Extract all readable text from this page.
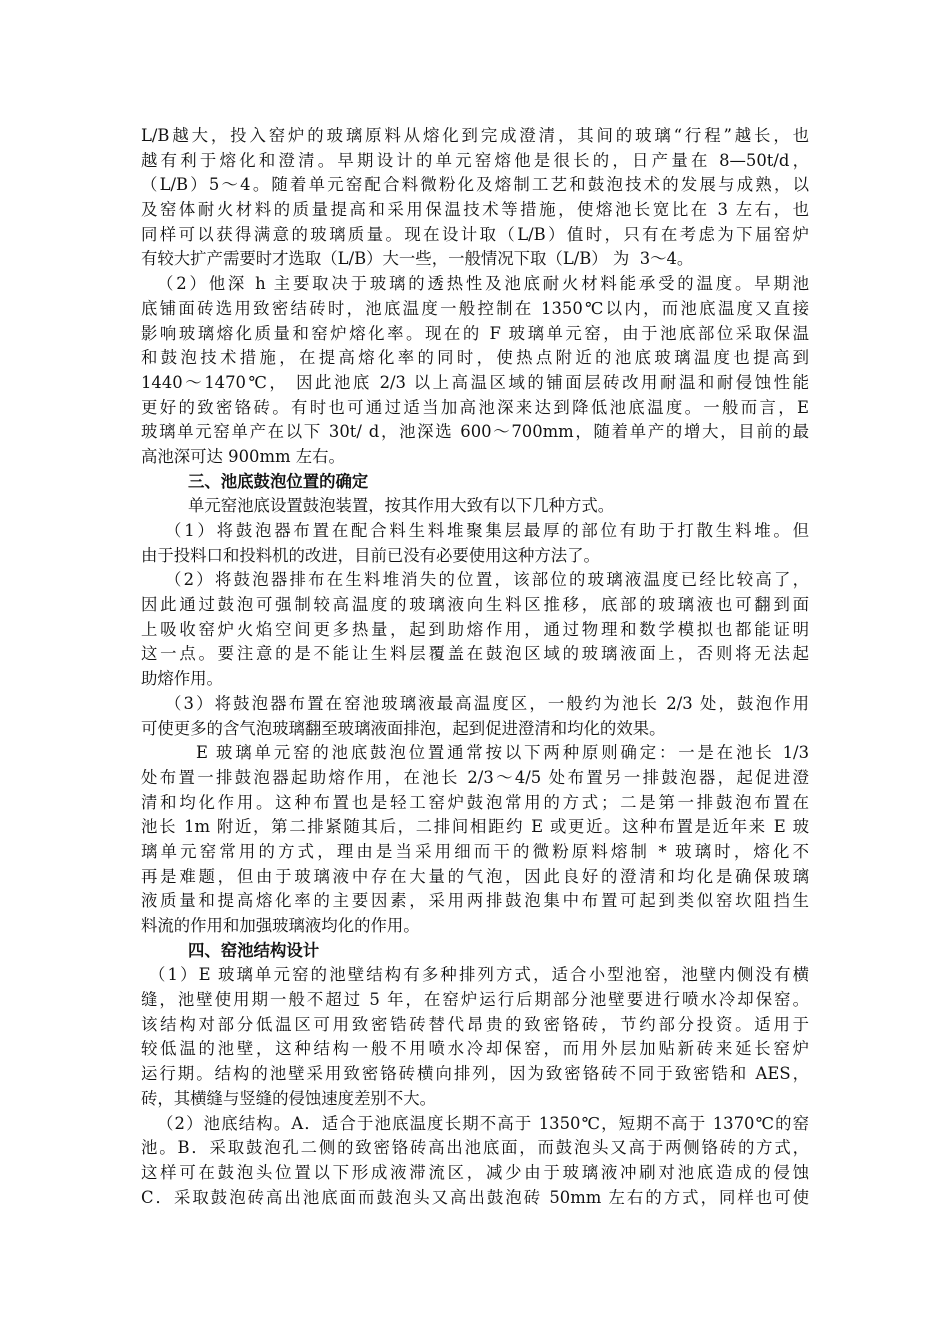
L/B越大，投入窑炉的玻璃原料从熔化到完成澄清，其间的玻璃“行程”越长，也
越有利于熔化和澄清。早期设计的单元窑熔他是很长的，日产量在 8—50t/d，
（L/B）5～4。随着单元窑配合料微粉化及熔制工艺和鼓泡技术的发展与成熟，以
及窑体耐火材料的质量提高和采用保温技术等措施，使熔池长宽比在 3 左右，也
同样可以获得满意的玻璃质量。现在设计取（L/B）值时，只有在考虑为下届窑炉
有较大扩产需要时才选取（L/B）大一些，一般情况下取（L/B） 为  3～4。
（2）他深 h 主要取决于玻璃的透热性及池底耐火材料能承受的温度。早期池
底铺面砖选用致密结砖时，池底温度一般控制在 1350℃以内，而池底温度又直接
影响玻璃熔化质量和窑炉熔化率。现在的 F 玻璃单元窑，由于池底部位采取保温
和鼓泡技术措施，在提高熔化率的同时，使热点附近的池底玻璃温度也提高到
1440～1470℃， 因此池底 2/3 以上高温区域的铺面层砖改用耐温和耐侵蚀性能
更好的致密铬砖。有时也可通过适当加高池深来达到降低池底温度。一般而言，E
玻璃单元窑单产在以下 30t/ d，池深选 600～700mm，随着单产的增大，目前的最
高池深可达 900mm 左右。
三、池底鼓泡位置的确定
单元窑池底设置鼓泡装置，按其作用大致有以下几种方式。
（1）将鼓泡器布置在配合料生料堆聚集层最厚的部位有助于打散生料堆。但
由于投料口和投料机的改进，目前已没有必要使用这种方法了。
（2）将鼓泡器排布在生料堆消失的位置，该部位的玻璃液温度已经比较高了，
因此通过鼓泡可强制较高温度的玻璃液向生料区推移，底部的玻璃液也可翻到面
上吸收窑炉火焰空间更多热量，起到助熔作用，通过物理和数学模拟也都能证明
这一点。要注意的是不能让生料层覆盖在鼓泡区域的玻璃液面上，否则将无法起
助熔作用。
（3）将鼓泡器布置在窑池玻璃液最高温度区，一般约为池长 2/3 处，鼓泡作用
可使更多的含气泡玻璃翻至玻璃液面排泡，起到促进澄清和均化的效果。
E 玻璃单元窑的池底鼓泡位置通常按以下两种原则确定：一是在池长 1/3
处布置一排鼓泡器起助熔作用，在池长 2/3～4/5 处布置另一排鼓泡器，起促进澄
清和均化作用。这种布置也是轻工窑炉鼓泡常用的方式；二是第一排鼓泡布置在
池长 1m 附近，第二排紧随其后，二排间相距约 E 或更近。这种布置是近年来 E 玻
璃单元窑常用的方式，理由是当采用细而干的微粉原料熔制 * 玻璃时，熔化不
再是难题，但由于玻璃液中存在大量的气泡，因此良好的澄清和均化是确保玻璃
液质量和提高熔化率的主要因素，采用两排鼓泡集中布置可起到类似窑坎阻挡生
料流的作用和加强玻璃液均化的作用。
四、窑池结构设计
（1）E 玻璃单元窑的池壁结构有多种排列方式，适合小型池窑，池壁内侧没有横
缝，池壁使用期一般不超过 5 年，在窑炉运行后期部分池壁要进行喷水冷却保窑。
该结构对部分低温区可用致密锆砖替代昂贵的致密铬砖，节约部分投资。适用于
较低温的池壁，这种结构一般不用喷水冷却保窑，而用外层加贴新砖来延长窑炉
运行期。结构的池壁采用致密铬砖横向排列，因为致密铬砖不同于致密锆和 AES，
砖，其横缝与竖缝的侵蚀速度差别不大。
（2）池底结构。A．适合于池底温度长期不高于 1350℃，短期不高于 1370℃的窑
池。B．采取鼓泡孔二侧的致密铬砖高出池底面，而鼓泡头又高于两侧铬砖的方式，
这样可在鼓泡头位置以下形成液滞流区，减少由于玻璃液冲刷对池底造成的侵蚀
C．采取鼓泡砖高出池底面而鼓泡头又高出鼓泡砖 50mm 左右的方式，同样也可使
